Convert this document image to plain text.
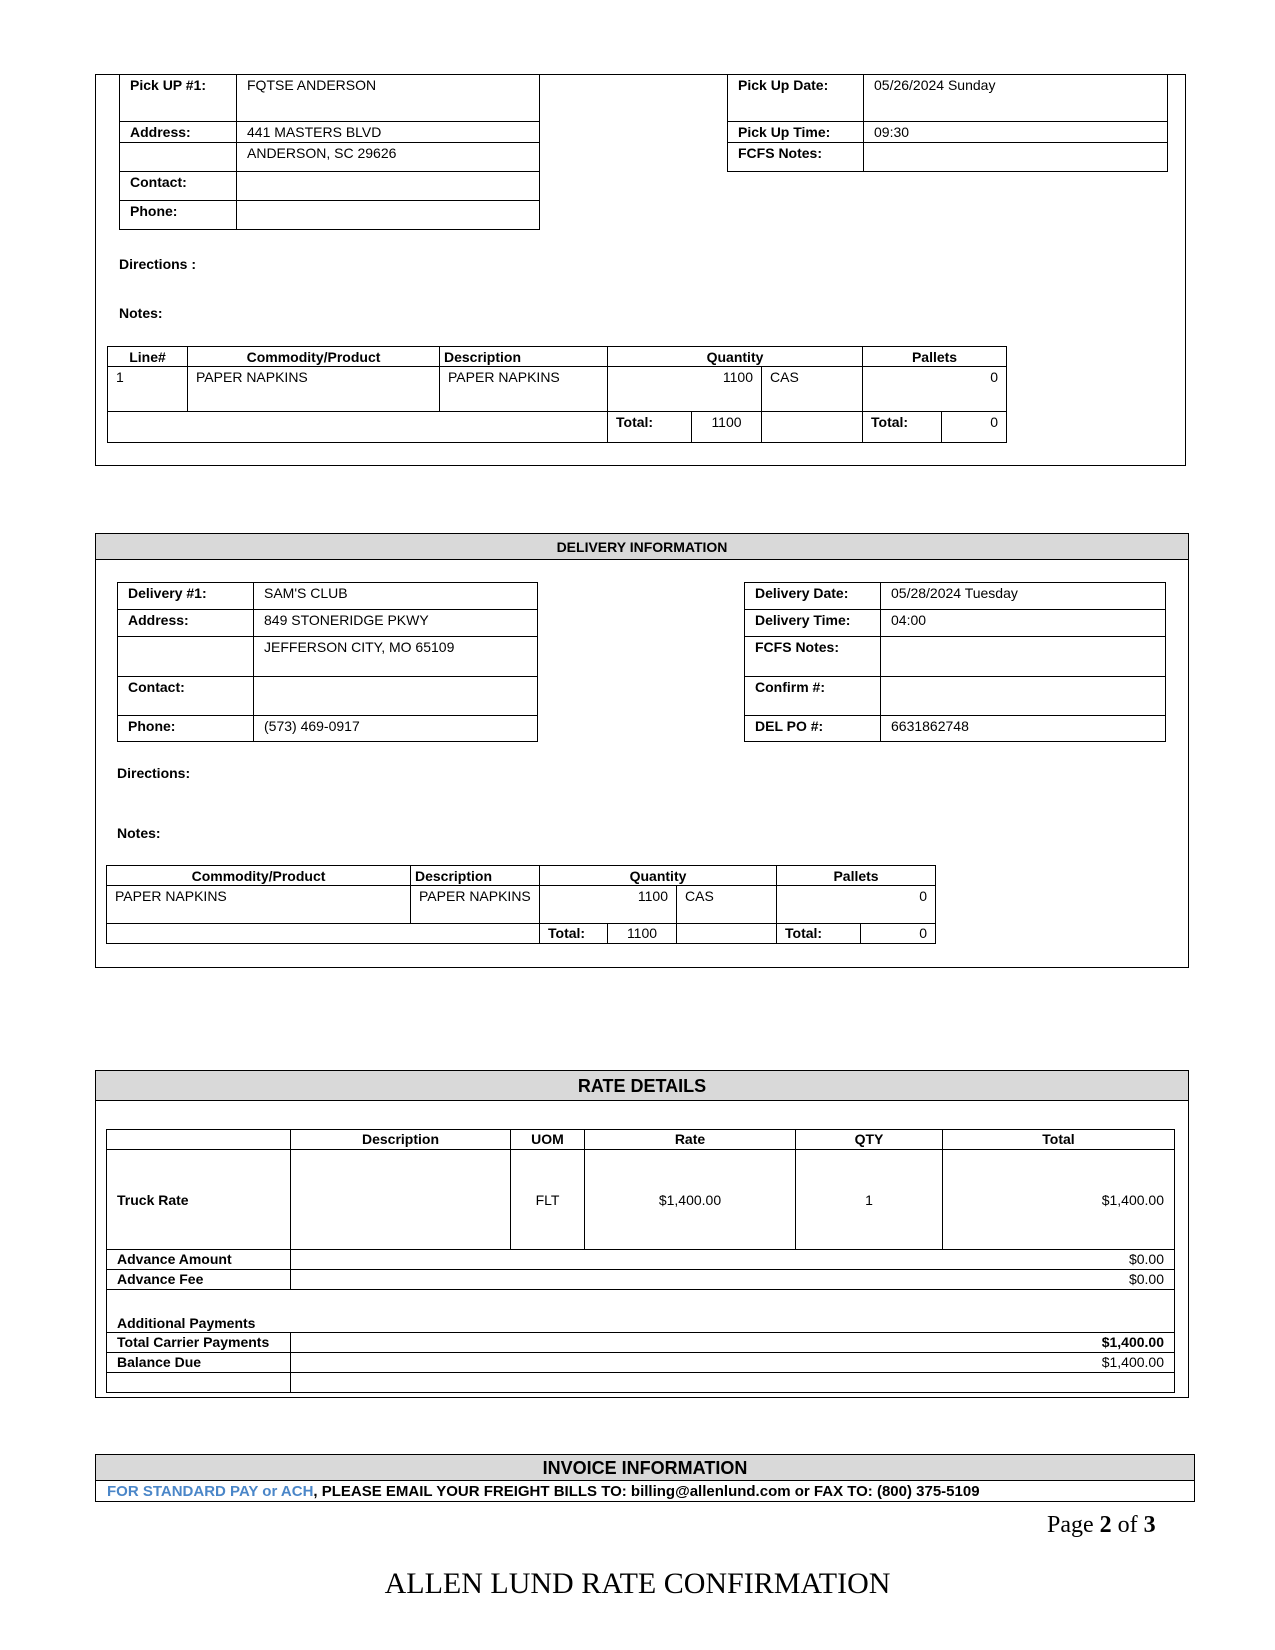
Pick UP #1:	FQTSE ANDERSON
Address:	441 MASTERS BLVD
	ANDERSON, SC 29626
Contact:	
Phone:	
Pick Up Date:	05/26/2024 Sunday
Pick Up Time:	09:30
FCFS Notes:	
Directions :
Notes:
Line#	Commodity/Product	Description	Quantity			Pallets	
1	PAPER NAPKINS	PAPER NAPKINS	1100		CAS	0	
			Total:	1100		Total:	0
DELIVERY INFORMATION
Delivery #1:	SAM'S CLUB
Address:	849 STONERIDGE PKWY
	JEFFERSON CITY, MO 65109
Contact:	
Phone:	(573) 469-0917
Delivery Date:	05/28/2024 Tuesday
Delivery Time:	04:00
FCFS Notes:	
Confirm #:	
DEL PO #:	6631862748
Directions:
Notes:
Commodity/Product	Description	Quantity			Pallets	
PAPER NAPKINS	PAPER NAPKINS	1100		CAS	0	
		Total:	1100		Total:	0
RATE DETAILS
	Description	UOM	Rate	QTY	Total
Truck Rate		FLT	$1,400.00	1	$1,400.00
Advance Amount	$0.00				
Advance Fee	$0.00				
Additional Payments					
Total Carrier Payments	$1,400.00				
Balance Due	$1,400.00				

INVOICE INFORMATION
FOR STANDARD PAY or ACH, PLEASE EMAIL YOUR FREIGHT BILLS TO: billing@allenlund.com or FAX TO: (800) 375-5109
Page 2 of 3
ALLEN LUND RATE CONFIRMATION
